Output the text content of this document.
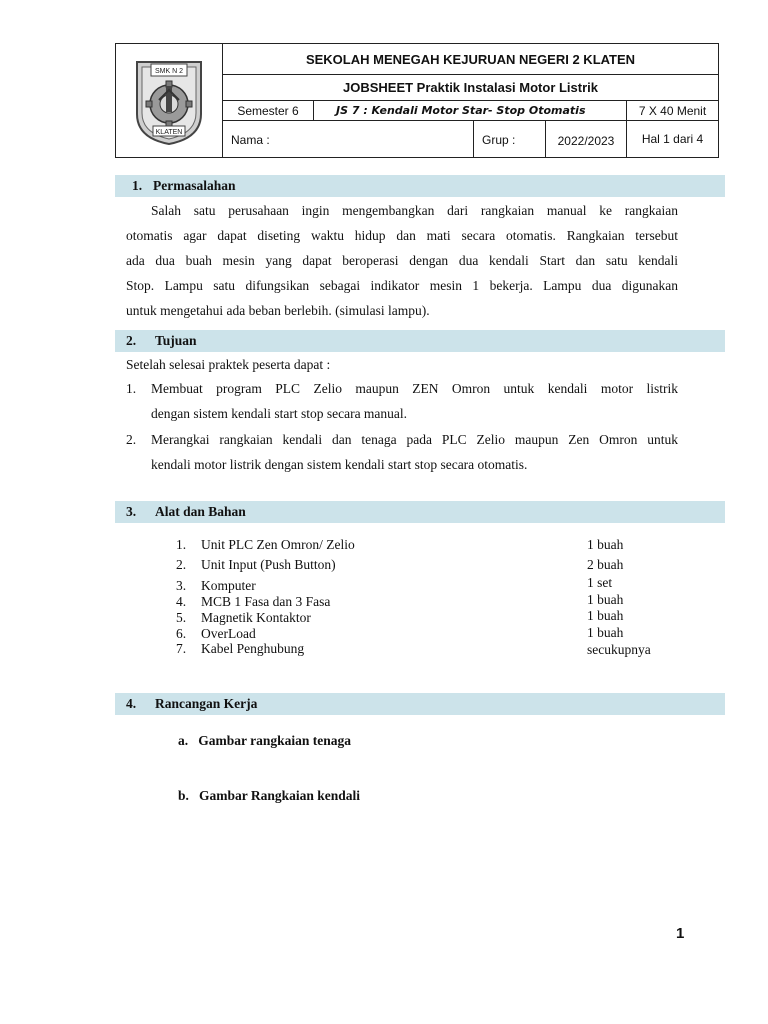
SMK N 2
KLATEN
SEKOLAH MENEGAH KEJURUAN NEGERI 2 KLATEN
JOBSHEET Praktik Instalasi Motor Listrik
Semester 6	JS 7 : Kendali Motor Star- Stop Otomatis	7 X 40 Menit
Nama :	Grup :	2022/2023	Hal 1 dari 4
1. Permasalahan
Salah satu perusahaan ingin mengembangkan dari rangkaian manual ke rangkaian
otomatis agar dapat diseting waktu hidup dan mati secara otomatis. Rangkaian tersebut
ada dua buah mesin yang dapat beroperasi dengan dua kendali Start dan satu kendali
Stop. Lampu satu difungsikan sebagai indikator mesin 1 bekerja. Lampu dua digunakan
untuk mengetahui ada beban berlebih. (simulasi lampu).
2. Tujuan
Setelah selesai praktek peserta dapat :
1. Membuat program PLC Zelio maupun ZEN Omron untuk kendali motor listrik
dengan sistem kendali start stop secara manual.
2. Merangkai rangkaian kendali dan tenaga pada PLC Zelio maupun Zen Omron untuk
kendali motor listrik dengan sistem kendali start stop secara otomatis.
3. Alat dan Bahan
1. Unit PLC Zen Omron/ Zelio	1 buah
2. Unit Input (Push Button)	2 buah
3. Komputer	1 set
4. MCB 1 Fasa dan 3 Fasa	1 buah
5. Magnetik Kontaktor	1 buah
6. OverLoad	1 buah
7. Kabel Penghubung	secukupnya
4. Rancangan Kerja
a.   Gambar rangkaian tenaga
b.   Gambar Rangkaian kendali
1
